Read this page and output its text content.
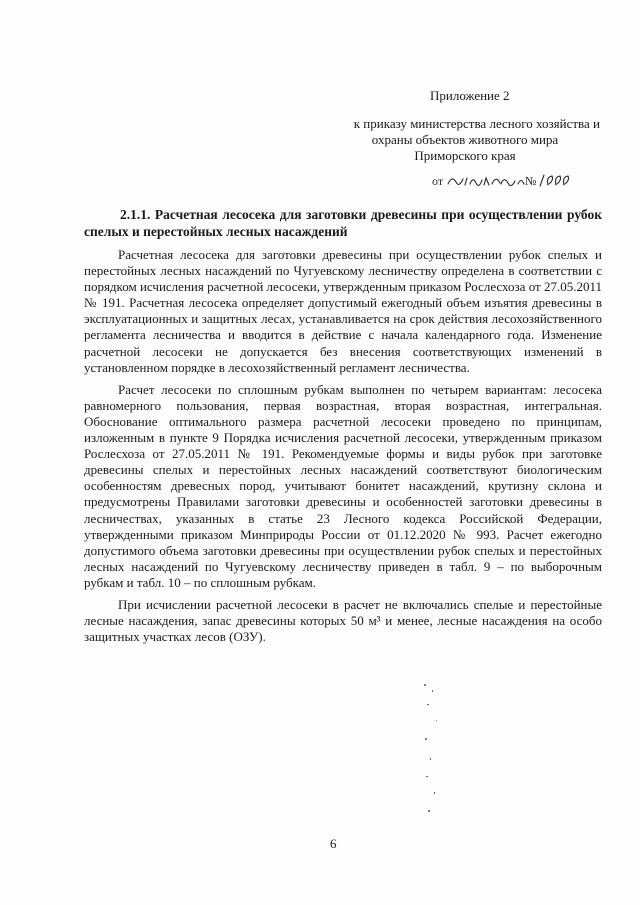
Приложение 2
к приказу министерства лесного хозяйства и
охраны объектов животного мира
Приморского края
от	№
2.1.1. Расчетная лесосека для заготовки древесины при осуществлении рубок спелых и перестойных лесных насаждений

Расчетная лесосека для заготовки древесины при осуществлении рубок спелых и перестойных лесных насаждений по Чугуевскому лесничеству определена в соответствии с порядком исчисления расчетной лесосеки, утвержденным приказом Рослесхоза от 27.05.2011 № 191. Расчетная лесосека определяет допустимый ежегодный объем изъятия древесины в эксплуатационных и защитных лесах, устанавливается на срок действия лесохозяйственного регламента лесничества и вводится в действие с начала календарного года. Изменение расчетной лесосеки не допускается без внесения соответствующих изменений в установленном порядке в лесохозяйственный регламент лесничества.

Расчет лесосеки по сплошным рубкам выполнен по четырем вариантам: лесосека равномерного пользования, первая возрастная, вторая возрастная, интегральная. Обоснование оптимального размера расчетной лесосеки проведено по принципам, изложенным в пункте 9 Порядка исчисления расчетной лесосеки, утвержденным приказом Рослесхоза от 27.05.2011 № 191. Рекомендуемые формы и виды рубок при заготовке древесины спелых и перестойных лесных насаждений соответствуют биологическим особенностям древесных пород, учитывают бонитет насаждений, крутизну склона и предусмотрены Правилами заготовки древесины и особенностей заготовки древесины в лесничествах, указанных в статье 23 Лесного кодекса Российской Федерации, утвержденными приказом Минприроды России от 01.12.2020 № 993. Расчет ежегодно допустимого объема заготовки древесины при осуществлении рубок спелых и перестойных лесных насаждений по Чугуевскому лесничеству приведен в табл. 9 – по выборочным рубкам и табл. 10 – по сплошным рубкам.

При исчислении расчетной лесосеки в расчет не включались спелые и перестойные лесные насаждения, запас древесины которых 50 м³ и менее, лесные насаждения на особо защитных участках лесов (ОЗУ).

6
